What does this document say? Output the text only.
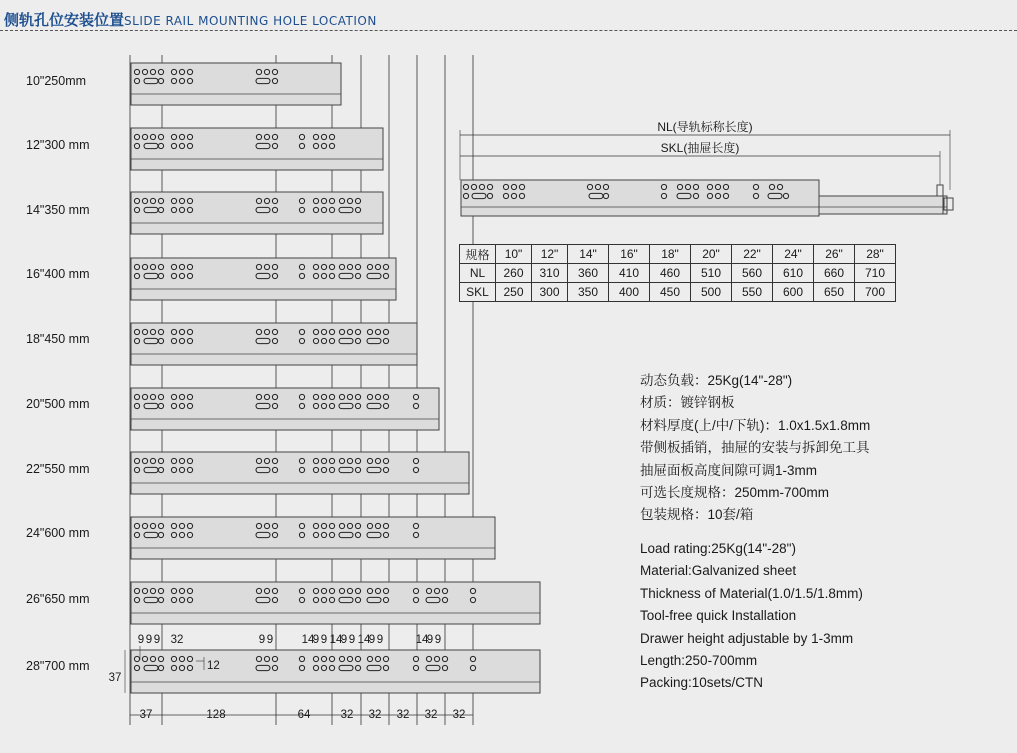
侧轨孔位安装位置SLIDE RAIL MOUNTING HOLE LOCATION
9 9 9 32	9 9 14
9 9 14
9 9 14
9 9	14
9 9
12
37
37	128	64	32 32 32 32 32
NL(导轨标称长度)
SKL(抽屉长度)
10"250mm
12"300 mm
14"350 mm
16"400 mm
18"450 mm
20"500 mm
22"550 mm
24"600 mm
26"650 mm
28"700 mm
规格	10"	12"	14"	16"	18"	20"	22"	24"	26"	28"
NL	260	310	360	410	460	510	560	610	660	710
SKL	250	300	350	400	450	500	550	600	650	700
动态负载：25Kg(14"-28")
材质：镀锌钢板
材料厚度(上/中/下轨)：1.0x1.5x1.8mm
带侧板插销，抽屉的安装与拆卸免工具
抽屉面板高度间隙可调1-3mm
可选长度规格：250mm-700mm
包装规格：10套/箱
Load rating:25Kg(14"-28")
Material:Galvanized sheet
Thickness of Material(1.0/1.5/1.8mm)
Tool-free quick Installation
Drawer height adjustable by 1-3mm
Length:250-700mm
Packing:10sets/CTN
